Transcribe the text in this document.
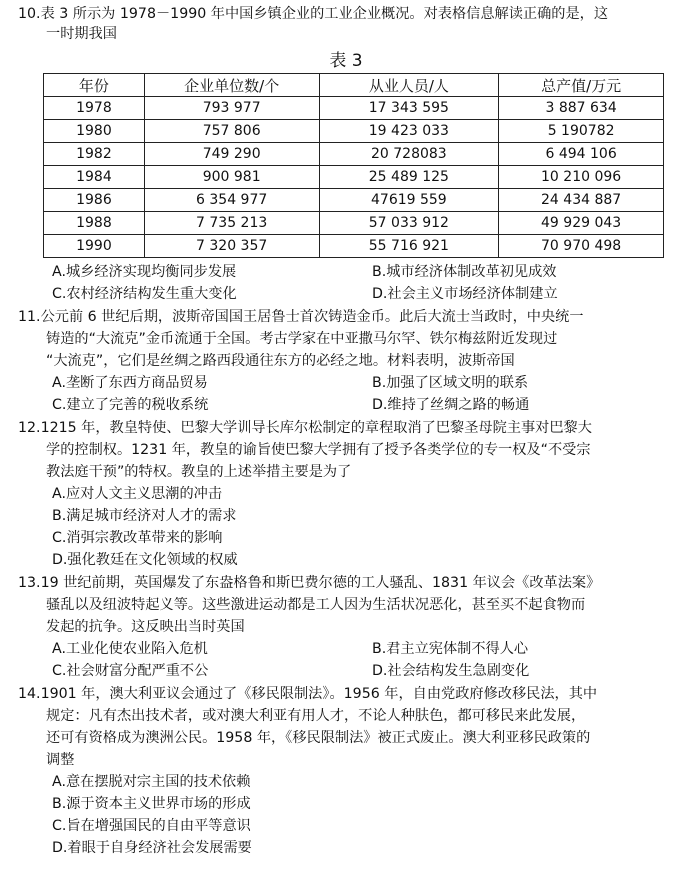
10.表 3 所示为 1978－1990 年中国乡镇企业的工业企业概况。对表格信息解读正确的是，这
一时期我国
表 3
年份	企业单位数/个	从业人员/人	总产值/万元
1978	793 977	17 343 595	3 887 634
1980	757 806	19 423 033	5 190782
1982	749 290	20 728083	6 494 106
1984	900 981	25 489 125	10 210 096
1986	6 354 977	47619 559	24 434 887
1988	7 735 213	57 033 912	49 929 043
1990	7 320 357	55 716 921	70 970 498
A.城乡经济实现均衡同步发展	B.城市经济体制改革初见成效
C.农村经济结构发生重大变化	D.社会主义市场经济体制建立
11.公元前 6 世纪后期，波斯帝国国王居鲁士首次铸造金币。此后大流士当政时，中央统一
铸造的“大流克”金币流通于全国。考古学家在中亚撒马尔罕、铁尔梅兹附近发现过
“大流克”，它们是丝绸之路西段通往东方的必经之地。材料表明，波斯帝国
A.垄断了东西方商品贸易	B.加强了区域文明的联系
C.建立了完善的税收系统	D.维持了丝绸之路的畅通
12.1215 年，教皇特使、巴黎大学训导长库尔松制定的章程取消了巴黎圣母院主事对巴黎大
学的控制权。1231 年，教皇的谕旨使巴黎大学拥有了授予各类学位的专一权及“不受宗
教法庭干预”的特权。教皇的上述举措主要是为了
A.应对人文主义思潮的冲击
B.满足城市经济对人才的需求
C.消弭宗教改革带来的影响
D.强化教廷在文化领域的权威
13.19 世纪前期，英国爆发了东盎格鲁和斯巴费尔德的工人骚乱、1831 年议会《改革法案》
骚乱以及纽波特起义等。这些激进运动都是工人因为生活状况恶化，甚至买不起食物而
发起的抗争。这反映出当时英国
A.工业化使农业陷入危机	B.君主立宪体制不得人心
C.社会财富分配严重不公	D.社会结构发生急剧变化
14.1901 年，澳大利亚议会通过了《移民限制法》。1956 年，自由党政府修改移民法，其中
规定：凡有杰出技术者，或对澳大利亚有用人才，不论人种肤色，都可移民来此发展，
还可有资格成为澳洲公民。1958 年，《移民限制法》被正式废止。澳大利亚移民政策的
调整
A.意在摆脱对宗主国的技术依赖
B.源于资本主义世界市场的形成
C.旨在增强国民的自由平等意识
D.着眼于自身经济社会发展需要
